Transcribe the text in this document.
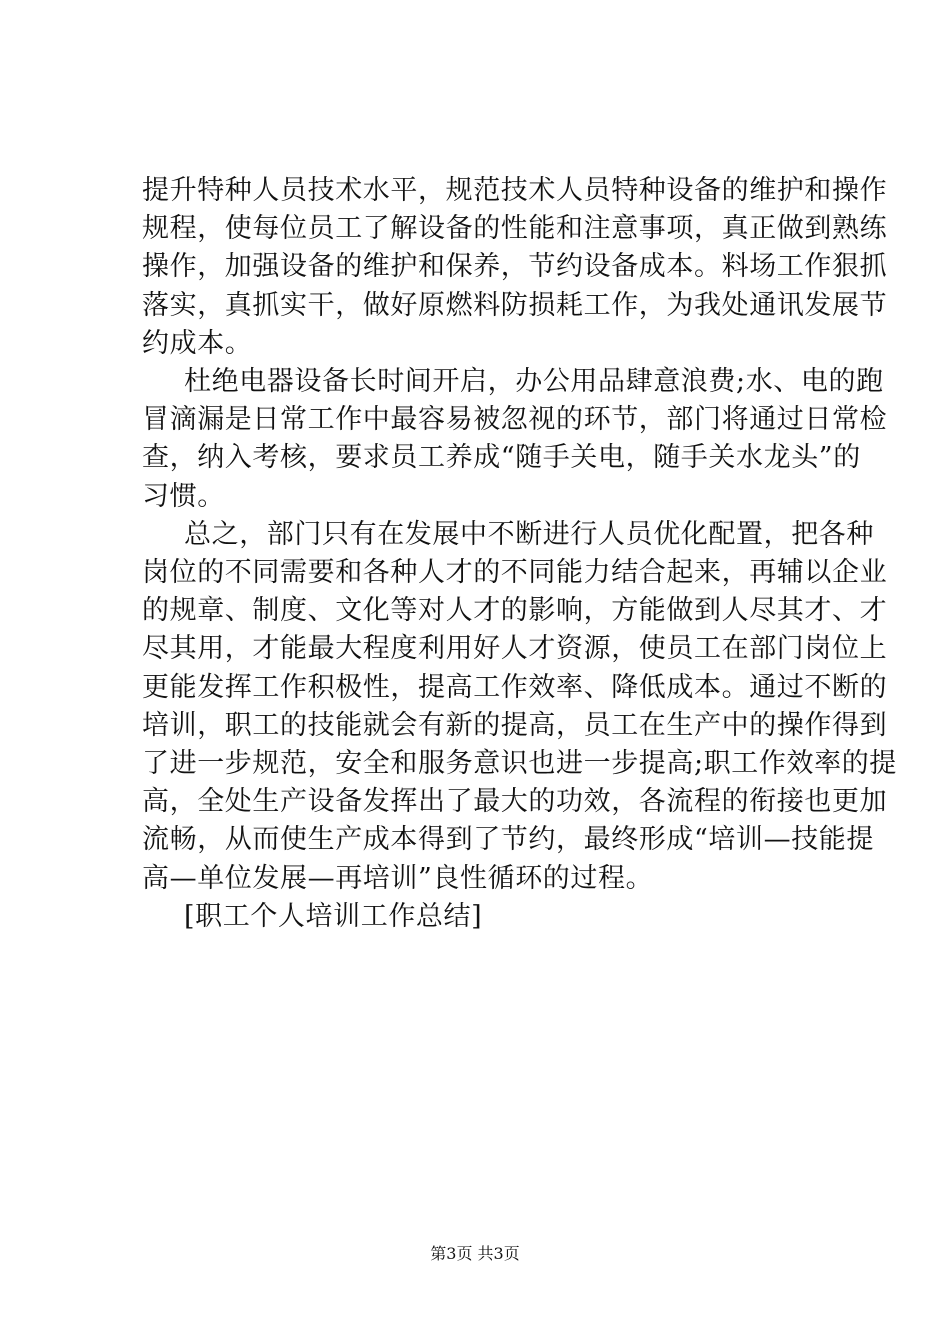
提升特种人员技术水平，规范技术人员特种设备的维护和操作
规程，使每位员工了解设备的性能和注意事项，真正做到熟练
操作，加强设备的维护和保养，节约设备成本。料场工作狠抓
落实，真抓实干，做好原燃料防损耗工作，为我处通讯发展节
约成本。
杜绝电器设备长时间开启，办公用品肆意浪费;水、电的跑
冒滴漏是日常工作中最容易被忽视的环节，部门将通过日常检
查，纳入考核，要求员工养成“随手关电，随手关水龙头”的
习惯。
总之，部门只有在发展中不断进行人员优化配置，把各种
岗位的不同需要和各种人才的不同能力结合起来，再辅以企业
的规章、制度、文化等对人才的影响，方能做到人尽其才、才
尽其用，才能最大程度利用好人才资源，使员工在部门岗位上
更能发挥工作积极性，提高工作效率、降低成本。通过不断的
培训，职工的技能就会有新的提高，员工在生产中的操作得到
了进一步规范，安全和服务意识也进一步提高;职工作效率的提
高，全处生产设备发挥出了最大的功效，各流程的衔接也更加
流畅，从而使生产成本得到了节约，最终形成“培训—技能提
高—单位发展—再培训”良性循环的过程。
[职工个人培训工作总结]
第3页 共3页
